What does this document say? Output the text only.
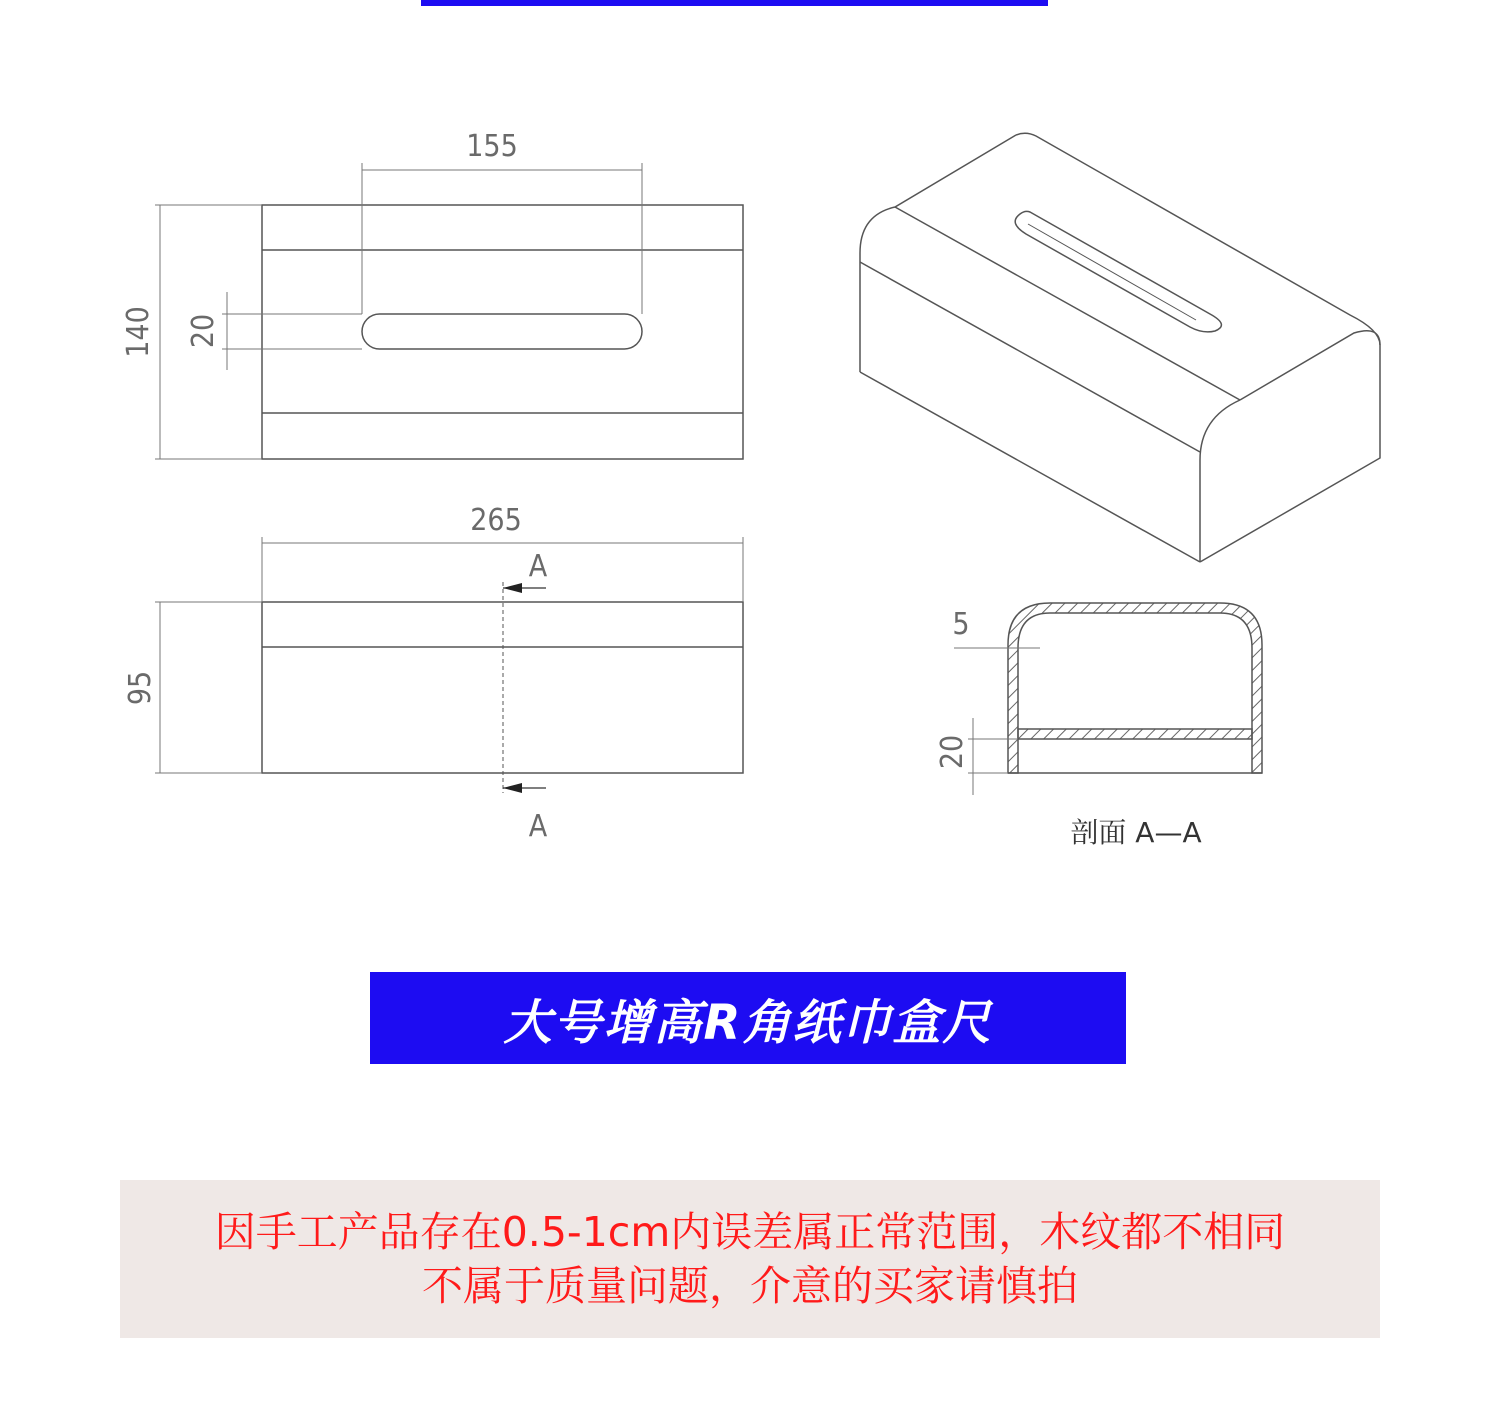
155
140 20
265
95
A
A
5
20
剖面 A—A
大号增高R角纸巾盒尺
因手工产品存在0.5-1cm内误差属正常范围，木纹都不相同
不属于质量问题，介意的买家请慎拍
